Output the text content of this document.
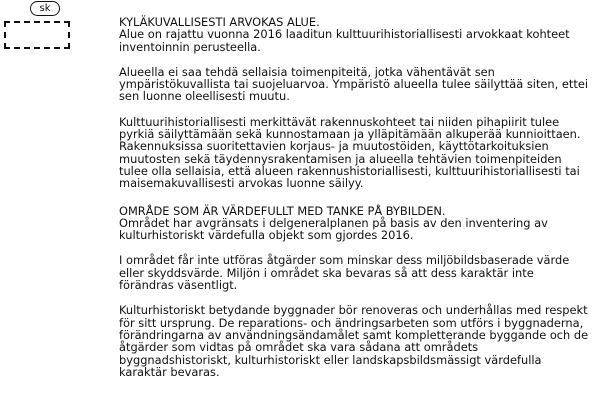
sk
KYLÄKUVALLISESTI ARVOKAS ALUE.

Alue on rajattu vuonna 2016 laaditun kulttuurihistoriallisesti arvokkaat kohteet inventoinnin perusteella.

Alueella ei saa tehdä sellaisia toimenpiteitä, jotka vähentävät sen ympäristökuvallista tai suojeluarvoa. Ympäristö alueella tulee säilyttää siten, ettei sen luonne oleellisesti muutu.

Kulttuurihistoriallisesti merkittävät rakennuskohteet tai niiden pihapiirit tulee pyrkiä säilyttämään sekä kunnostamaan ja ylläpitämään alkuperää kunnioittaen. Rakennuksissa suoritettavien korjaus- ja muutostöiden, käyttötarkoituksien muutosten sekä täydennysrakentamisen ja alueella tehtävien toimenpiteiden tulee olla sellaisia, että alueen rakennushistoriallisesti, kulttuurihistoriallisesti tai maisemakuvallisesti arvokas luonne säilyy.

OMRÅDE SOM ÄR VÄRDEFULLT MED TANKE PÅ BYBILDEN.

Området har avgränsats i delgeneralplanen på basis av den inventering av kulturhistoriskt värdefulla objekt som gjordes 2016.

I området får inte utföras åtgärder som minskar dess miljöbildsbaserade värde eller skyddsvärde. Miljön i området ska bevaras så att dess karaktär inte förändras väsentligt.

Kulturhistoriskt betydande byggnader bör renoveras och underhållas med respekt för sitt ursprung. De reparations- och ändringsarbeten som utförs i byggnaderna, förändringarna av användningsändamålet samt kompletterande byggande och de åtgärder som vidtas på området ska vara sådana att områdets byggnadshistoriskt, kulturhistoriskt eller landskapsbildsmässigt värdefulla karaktär bevaras.
